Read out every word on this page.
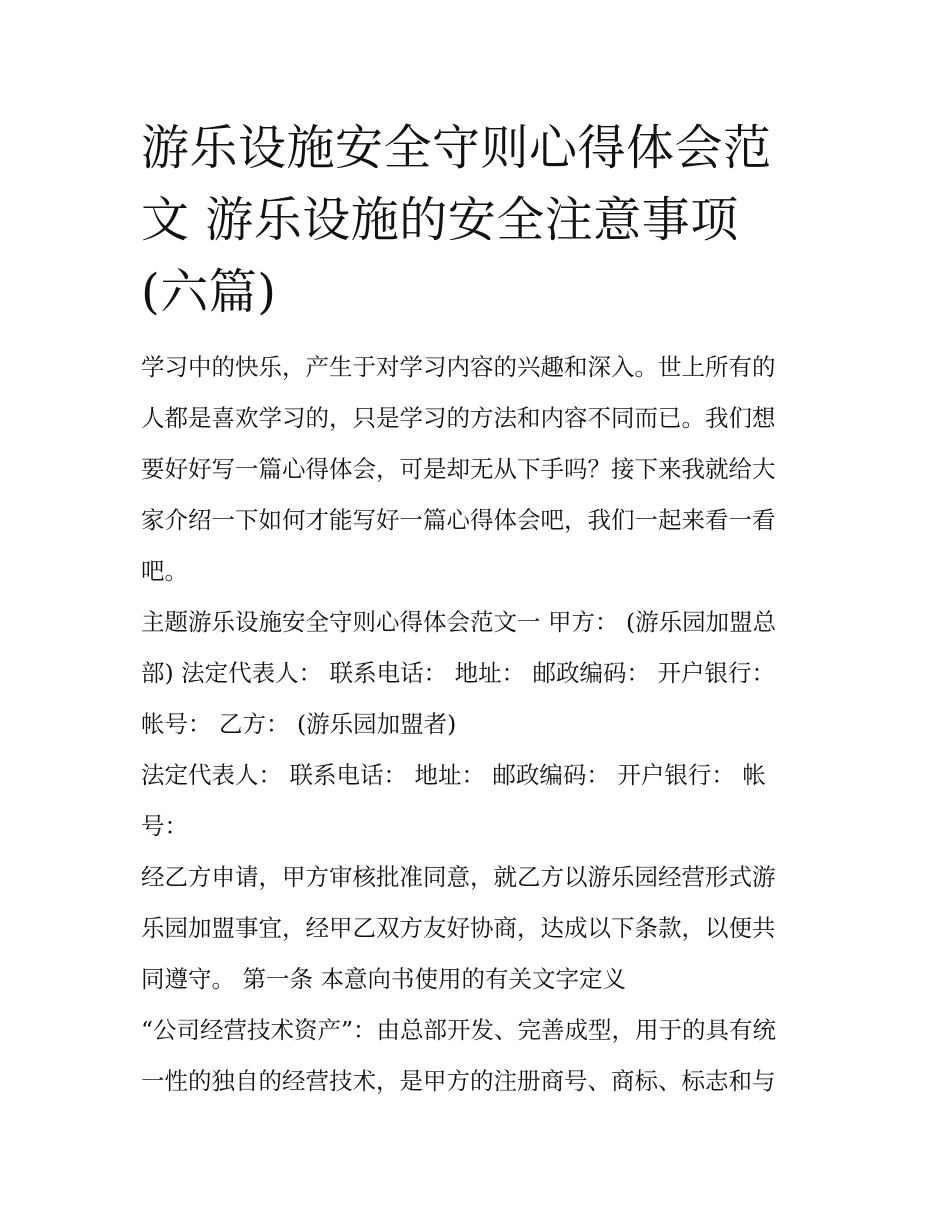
游乐设施安全守则心得体会范
文 游乐设施的安全注意事项
(六篇)

学习中的快乐，产生于对学习内容的兴趣和深入。世上所有的
人都是喜欢学习的，只是学习的方法和内容不同而已。我们想
要好好写一篇心得体会，可是却无从下手吗？接下来我就给大
家介绍一下如何才能写好一篇心得体会吧，我们一起来看一看
吧。

主题游乐设施安全守则心得体会范文一 甲方： (游乐园加盟总
部) 法定代表人： 联系电话： 地址： 邮政编码： 开户银行：
帐号： 乙方： (游乐园加盟者)

法定代表人： 联系电话： 地址： 邮政编码： 开户银行： 帐
号：

经乙方申请，甲方审核批准同意，就乙方以游乐园经营形式游
乐园加盟事宜，经甲乙双方友好协商，达成以下条款，以便共
同遵守。 第一条 本意向书使用的有关文字定义

“公司经营技术资产”：由总部开发、完善成型，用于的具有统
一性的独自的经营技术，是甲方的注册商号、商标、标志和与
